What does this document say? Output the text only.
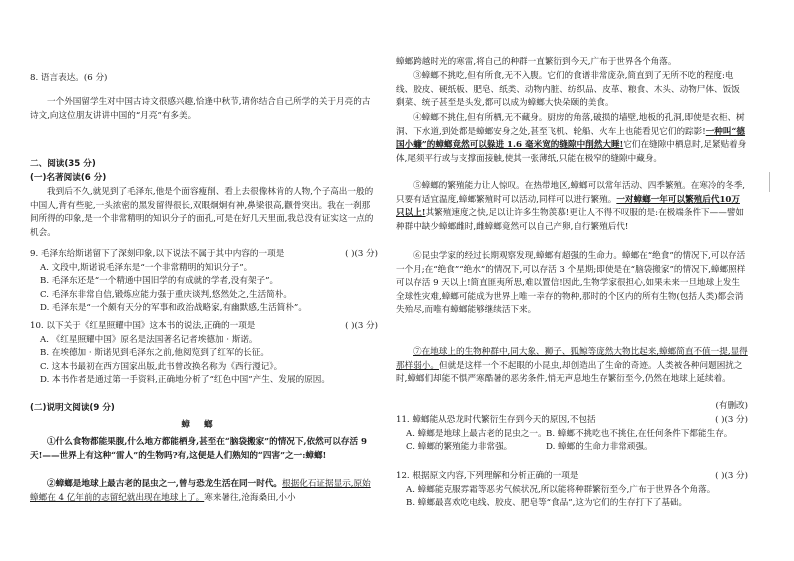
8. 语言表达。(6 分)

一个外国留学生对中国古诗文很感兴趣,恰逢中秋节,请你结合自己所学的关于月亮的古诗文,向这位朋友讲讲中国的“月亮”有多美。

二、阅读(35 分)

(一)名著阅读(6 分)

我到后不久,就见到了毛泽东,他是个面容瘦削、看上去很像林肯的人物,个子高出一般的中国人,背有些驼,一头浓密的黑发留得很长,双眼炯炯有神,鼻梁很高,颧骨突出。我在一刹那间所得的印象,是一个非常精明的知识分子的面孔,可是在好几天里面,我总没有证实这一点的机会。

9. 毛泽东给斯诺留下了深刻印象,以下说法不属于其中内容的一项是	( )(3 分)

A. 文段中,斯诺说毛泽东是“一个非常精明的知识分子”。

B. 毛泽东还是“一个精通中国旧学的有成就的学者,没有架子”。

C. 毛泽东非常自信,锻炼应能力强于重庆谈判,悠然处之,生活简朴。

D. 毛泽东是“一个颇有天分的军事和政治战略家,有幽默感,生活简朴”。

10. 以下关于《红星照耀中国》这本书的说法,正确的一项是	( )(3 分)

A. 《红星照耀中国》原名是法国著名记者埃德加 · 斯诺。

B. 在埃德加 · 斯诺见到毛泽东之前,他阅览到了红军的长征。

C. 这本书最初在西方国家出版,此书曾改换名称为《西行漫记》。

D. 本书作者是通过第一手资料,正确地分析了“红色中国”产生、发展的原因。

(二)说明文阅读(9 分)

蟑螂

①什么食物都能果腹,什么地方都能栖身,甚至在“脑袋搬家”的情况下,依然可以存活 9 天!——世界上有这种“雷人”的生物吗?有,这便是人们熟知的“四害”之一:蟑螂!

②蟑螂是地球上最古老的昆虫之一,曾与恐龙生活在同一时代。根据化石证据显示,原始蟑螂在 4 亿年前的志留纪就出现在地球上了。寒来暑往,沧海桑田,小小

蟑螂跨越时光的寒雷,将自己的种群一直繁衍到今天,广布于世界各个角落。

③蟑螂不挑吃,但有所食,无不入腹。它们的食谱非常庞杂,简直到了无所不吃的程度:电线、胶皮、硬纸板、肥皂、纸类、动物内脏、纺织品、皮革、粮食、木头、动物尸体、饭饭剩菜、统子甚至是头发,都可以成为蟑螂大快朵颐的美食。

④蟑螂不挑住,但有所栖,无不藏身。厨房的角落,破损的墙壁,地板的孔洞,即使是衣柜、树洞、下水道,到处都是蟑螂安身之处,甚至飞机、轮船、火车上也能看见它们的踪影!一种叫“德国小蠊”的蟑螂竟然可以躲进 1.6 毫米宽的缝隙中削然大睡!它们在缝隙中栖息时,足紧贴着身体,尾须平行或与支撑面接触,使其一张薄纸,只能在极窄的缝隙中藏身。

⑤蟑螂的繁殖能力让人惊叹。在热带地区,蟑螂可以常年活动、四季繁殖。在寒冷的冬季,只要有适宜温度,蟑螂繁殖时可以活动,同样可以进行繁殖。一对蟑螂一年可以繁殖后代10万只以上!其繁殖速度之快,足以让许多生物羡慕!更让人不得不叹服的是:在极端条件下——譬如种群中缺少蟑螂雌时,雌蟑螂竟然可以自己产卵,自行繁殖后代!

⑥昆虫学家的经过长期观察发现,蟑螂有超强的生命力。蟑螂在“绝食”的情况下,可以存活一个月;在“绝食”“绝水”的情况下,可以存活 3 个星期;即使是在“脑袋搬家”的情况下,蟑螂照样可以存活 9 天以上!简直匪夷所思,难以置信!因此,生物学家很担心,如果未来一旦地球上发生全球性灾难,蟑螂可能成为世界上唯一幸存的物种,那时的个区内的所有生物(包括人类)都会消失殆尽,而唯有蟑螂能够继续活下来。

⑦在地球上的生物种群中,同大象、狮子、狐鲸等庞然大物比起来,蟑螂简直不值一提,显得那样弱小。但就是这样一个不起眼的小昆虫,却创造出了生命的奇迹。人类被各种问题困扰之时,蟑螂们却能不惧严寒酷暑的恶劣条件,悄无声息地生存繁衍至今,仍然在地球上延续着。

(有删改)

11. 蟑螂能从恐龙时代繁衍生存到今天的原因,不包括	( )(3 分)

A. 蟑螂是地球上最古老的昆虫之一。 B. 蟑螂不挑吃也不挑住,在任何条件下都能生存。

C. 蟑螂的繁殖能力非常强。	D. 蟑螂的生命力非常顽强。

12. 根据原文内容,下列理解和分析正确的一项是	( )(3 分)

A. 蟑螂能克服雰霜等恶劣气候状况,所以能将种群繁衍至今,广布于世界各个角落。

B. 蟑螂最喜欢吃电线、胶皮、肥皂等“食品”,这为它们的生存打下了基础。
